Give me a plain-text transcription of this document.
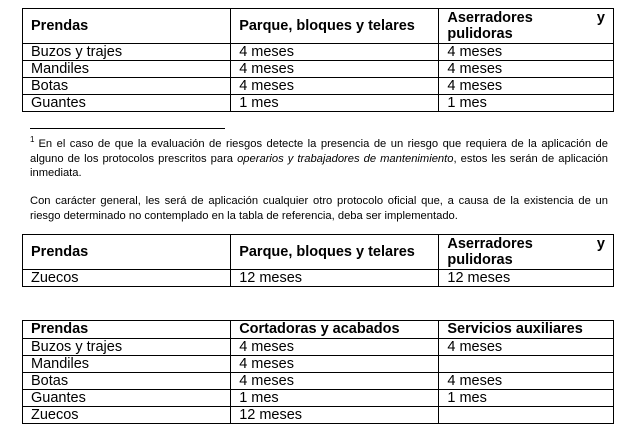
Prendas	Parque, bloques y telares	Aserradores y
pulidoras

Buzos y trajes	4 meses	4 meses
Mandiles	4 meses	4 meses
Botas	4 meses	4 meses
Guantes	1 mes	1 mes
$^1$ En el caso de que la evaluación de riesgos detecte la presencia de un riesgo que requiera de la aplicación de alguno de los protocolos prescritos para operarios y trabajadores de mantenimiento, estos les serán de aplicación inmediata.
Con carácter general, les será de aplicación cualquier otro protocolo oficial que, a causa de la existencia de un riesgo determinado no contemplado en la tabla de referencia, deba ser implementado.
Prendas	Parque, bloques y telares	Aserradores y
pulidoras

Zuecos	12 meses	12 meses
Prendas	Cortadoras y acabados	Servicios auxiliares
Buzos y trajes	4 meses	4 meses
Mandiles	4 meses	
Botas	4 meses	4 meses
Guantes	1 mes	1 mes
Zuecos	12 meses	
